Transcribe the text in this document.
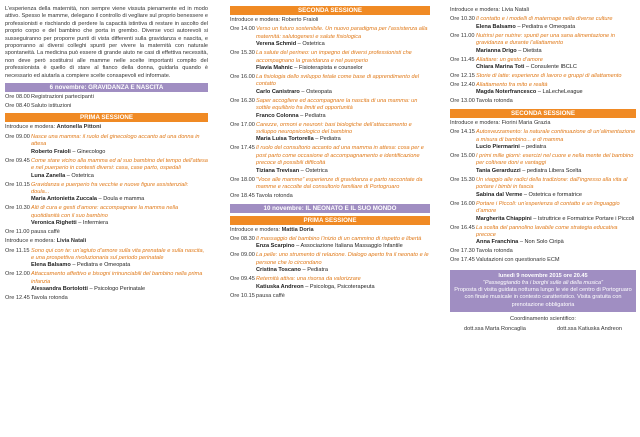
L’esperienza della maternità, non sempre viene vissuta pienamente ed in modo attivo. Spesso le mamme, delegano il controllo di vegliare sul proprio benessere e professionisti e rischiando di perdere la capacità istintiva di restare in ascolto del proprio corpo e del bambino che porta in grembo. Diverse voci autorevoli si susseguiranno per proporre punti di vista differenti sulla gravidanza e nascita, e proporranno ai diversi colleghi spunti per vivere la maternità con naturale spontaneità. La medicina può essere di grande aiuto ne casi di effettiva necessità, non deve però sostituirsi alle mamme nelle scelte importanti compito del professionista è quello di stare al fianco della donna, guidarla quando è necessario ed aiutarla a compiere scelte consapevoli ed informate.

6 novembre: GRAVIDANZA E NASCITA
Ore 08.00 Registrazioni partecipanti
Ore 08.40 Saluto istituzioni
PRIMA SESSIONE
Introduce e modera: Antonella Pittoni
Ore 09.00 Nasce una mamma: il ruolo del ginecologo accanto ad una donna in attesa
Roberto Fraioli – Ginecologo
Ore 09.45 Come stare vicino alla mamma ed al suo bambino del tempo dell’attesa e nel puerperio in contesti diversi: casa, case parto, ospedali
Luna Zanella – Ostetrica
Ore 10.15 Gravidanza e puerperio fra vecchie e nuove figure assistenziali: doula...
Maria Antonietta Zuccala – Doula e mamma
Ore 10.30 Alti di cura e gesti d’amore: accompagnare la mamma nella quotidianità con il suo bambino
Veronica Righetti – Infermiera
Ore 11.00 pausa caffè
Introduce e modera: Livia Natali
Ore 11.15 Sono qui con te: un’agiuto d’amore sulla vita prenatale e sulla nascita, e una prospettiva rivoluzionaria sul periodo perinatale
Elena Balsamo – Pediatra e Omeopata
Ore 12.00 Attaccamento affettivo e bisogni irrinunciabili del bambino nella prima infanzia
Alessandra Bortolotti – Psicologo Perinatale
Ore 12.45 Tavola rotonda
SECONDA SESSIONE
Introduce e modera: Roberto Fraioli
Ore 14.00 Verso un futuro sostenibile. Un nuovo paradigma per l’assistenza alla maternità: salutogenesi e salute fisiologica
Verena Schmid – Ostetrica
Ore 15.30 La salute del perineo: un impegno dei diversi professionisti che accompagnano la gravidanza e nel puerperio
Flavia Mahnic – Fisioterapista e counselor
Ore 16.00 La fisiologia dello sviluppo fetale come base di apprendimento del contatto
Carlo Canistraro – Osteopata
Ore 16.30 Saper accogliere ed accompagnare la nascita di una mamma: un sottile equilibrio fra limiti ed opportunità
Franco Colonna – Pediatra
Ore 17.00 Carezze, ormoni e neuroni: basi biologiche dell’attaccamento e sviluppo neuropsicologico del bambino
Maria Luisa Tortorella – Pediatra
Ore 17.45 Il ruolo del consultorio accanto ad una mamma in attesa: cosa per e post parto come occasione di accompagnamento e identificazione precoce di possibili difficoltà
Tiziana Trevisan – Ostetrica
Ore 18.00 “Voce alle mamme” esperienze di gravidanza e parto raccontate da mamme e raccolte dal consultorio familiare di Portogruaro
Ore 18.45 Tavola rotonda
10 novembre: IL NEONATO E IL SUO MONDO
PRIMA SESSIONE
Introduce e modera: Mattia Doria
Ore 08.30 Il massaggio del bambino l’inizio di un cammino di rispetto e libertà
Enza Scarpino – Associazione Italiana Massaggio Infantile
Ore 09.00 La pelle: uno strumento di relazione. Dialogo aperto fra il neonato e le persone che lo circondano
Cristina Toscano – Pediatra
Ore 09.45 Reternità attiva: una risorsa da valorizzare
Katiuska Andreon – Psicologa, Psicoterapeuta
Ore 10.15 pausa caffè
Introduce e modera: Livia Natali
Ore 10.30 Il contatto e i modelli di maternage nella diverse culture
Elena Balsamo – Pediatra e Omeopata
Ore 11.00 Nutrirsi per nutrire: spunti per una sana alimentazione in gravidanza e durante l’allattamento
Marianna Drigo – Dietista
Ore 11.45 Allattare: un gesto d’amore
Chiara Marina Toti – Consulente IBCLC
Ore 12.15 Storie di latte: esperienze di lavoro e gruppi di allattamento
Ore 12.40 Allattamento fra mito e realtà
Magda Noterfrancesco – LaLecheLeague
Ore 13.00 Tavola rotonda
SECONDA SESSIONE
Introduce e modera: Fiorini Maria Grazia
Ore 14.15 Autosvezzamento: la naturale continuazione di un’alimentazione a misura di bambino... e di mamma
Lucio Piermarini – pediatra
Ore 15.00 I primi mille giorni: esercizi nel cuore e nella mente del bambino per coltivare doni e vantaggi
Tania Gerarduzzi – pediatra Libera Scelta
Ore 15.30 Un viaggio alle radici della tradizione: dall’ingresso alla vita al portare i bimbi in fascia
Sabina dal Verme – Ostetrica e formatrice
Ore 16.00 Portare i Piccoli: un’esperienza di contatto e un linguaggio d’amore
Margherita Chiappini – Istruttrice e Formatrice Portare i Piccoli
Ore 16.45 La scelta del pannolino lavabile come strategia educativa precoce
Anna Franchina – Non Solo Ciripà
Ore 17.30 Tavola rotonda
Ore 17.45 Valutazioni con questionario ECM
lunedì 9 novembre 2015 ore 20.45
“Passeggiando fra i borghi sulle ali della musica”
Proposta di visita guidata notturna lungo le vie del centro di Portogruaro con finale musicale in contesto caratteristico. Visita gratuita con prenotazione obbligatoria
Coordinamento scientifico:
dott.ssa Marta Roncaglia	dott.ssa Katiuska Andreon
